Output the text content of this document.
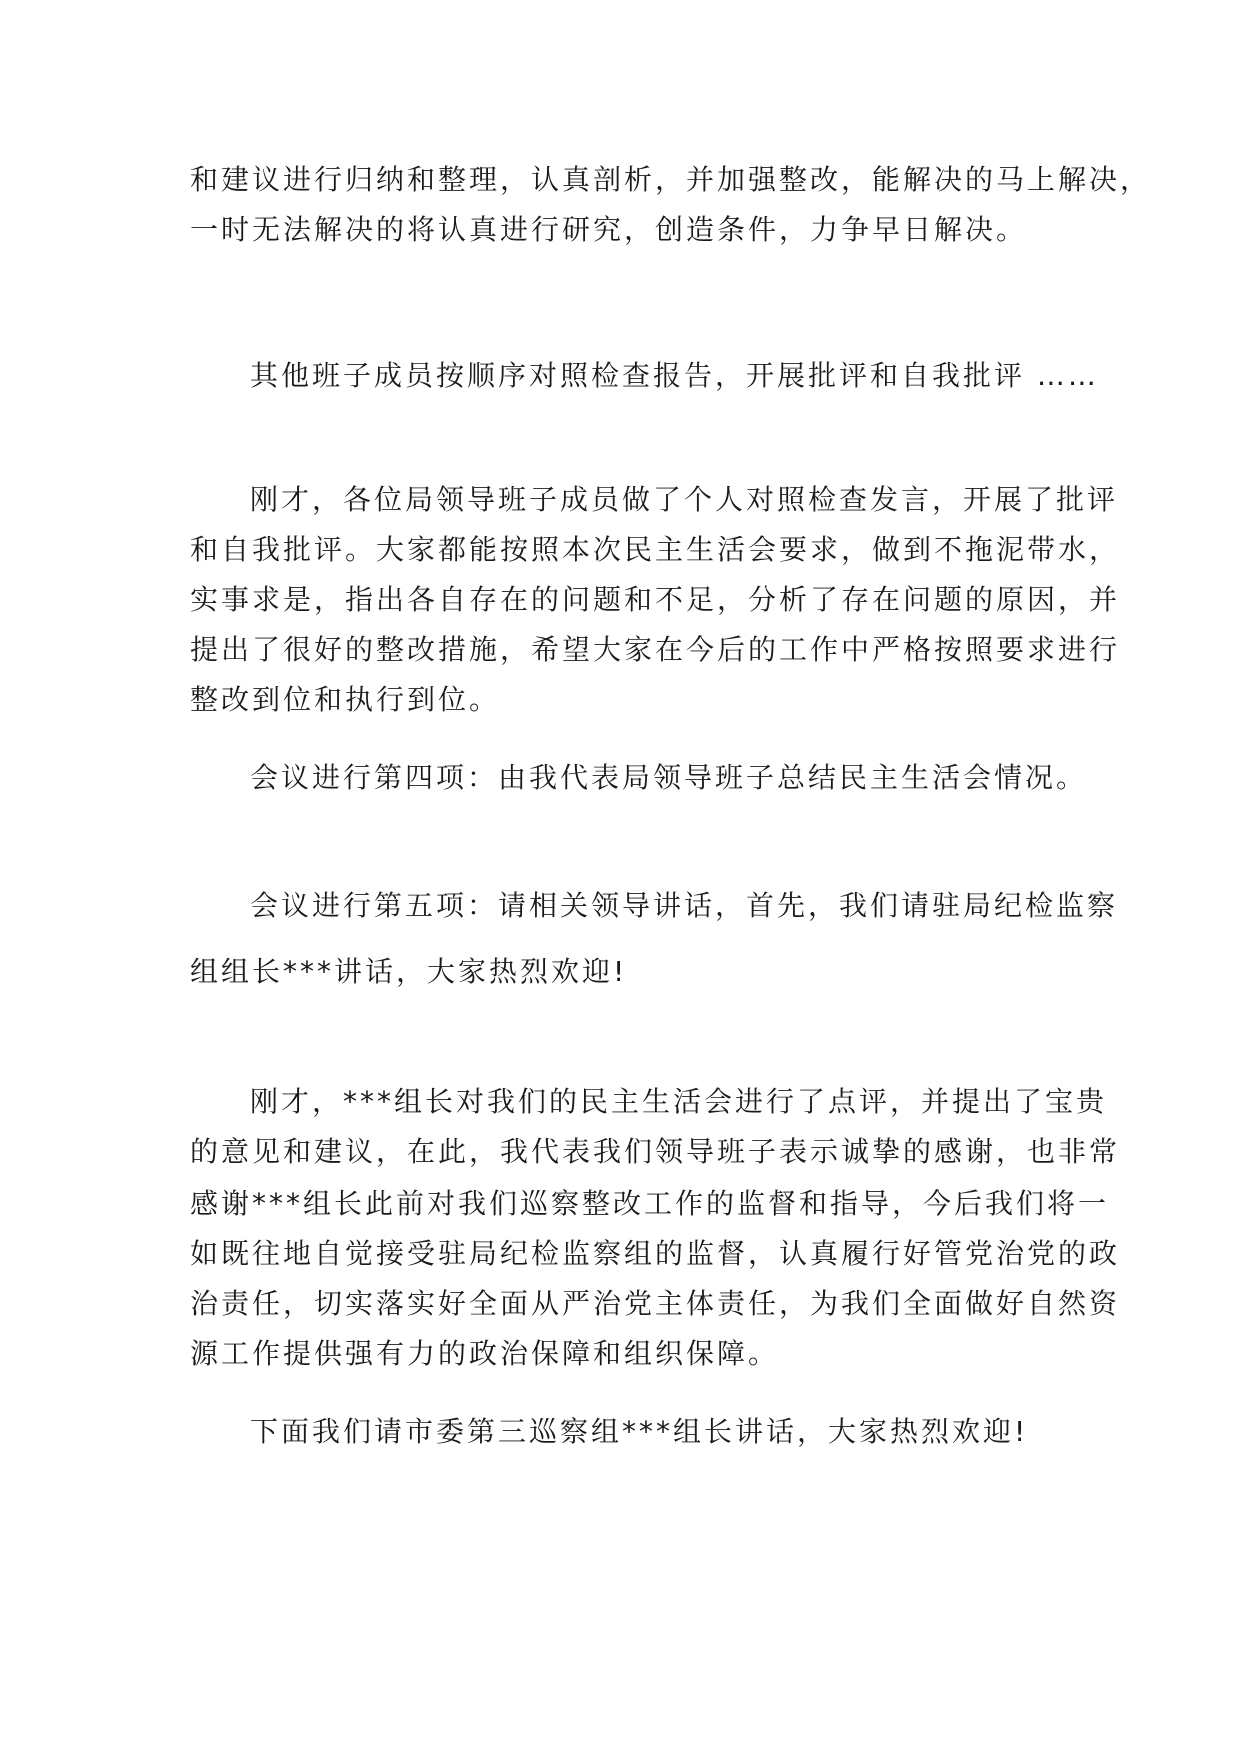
和建议进行归纳和整理，认真剖析，并加强整改，能解决的马上解决，
一时无法解决的将认真进行研究，创造条件，力争早日解决。
其他班子成员按顺序对照检查报告，开展批评和自我批评 ……
刚才，各位局领导班子成员做了个人对照检查发言，开展了批评
和自我批评。大家都能按照本次民主生活会要求，做到不拖泥带水，
实事求是，指出各自存在的问题和不足，分析了存在问题的原因，并
提出了很好的整改措施，希望大家在今后的工作中严格按照要求进行
整改到位和执行到位。
会议进行第四项：由我代表局领导班子总结民主生活会情况。
会议进行第五项：请相关领导讲话，首先，我们请驻局纪检监察
组组长***讲话，大家热烈欢迎!
刚才，***组长对我们的民主生活会进行了点评，并提出了宝贵
的意见和建议，在此，我代表我们领导班子表示诚挚的感谢，也非常
感谢***组长此前对我们巡察整改工作的监督和指导，今后我们将一
如既往地自觉接受驻局纪检监察组的监督，认真履行好管党治党的政
治责任，切实落实好全面从严治党主体责任，为我们全面做好自然资
源工作提供强有力的政治保障和组织保障。
下面我们请市委第三巡察组***组长讲话，大家热烈欢迎!
